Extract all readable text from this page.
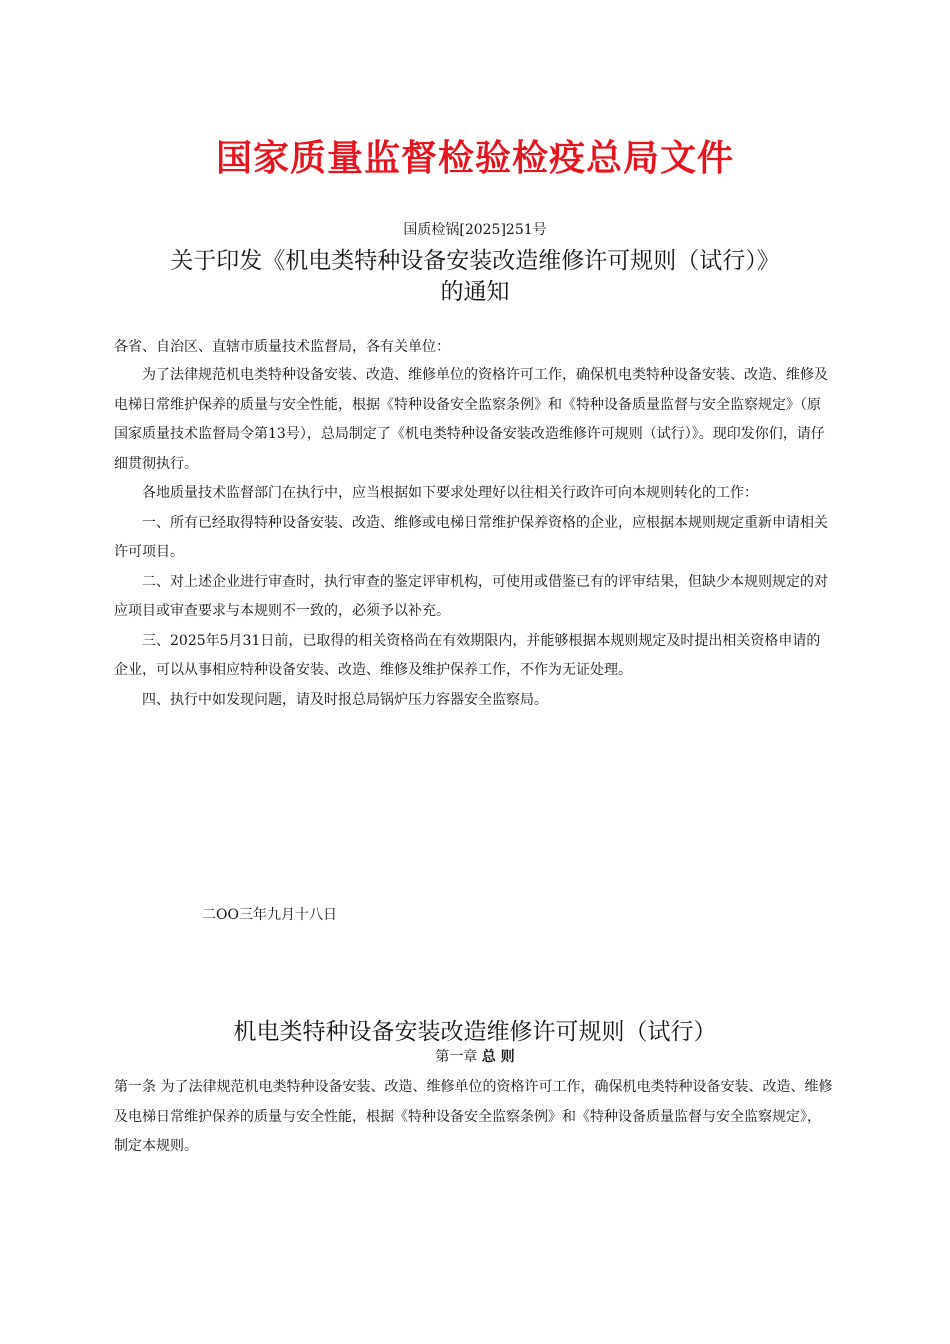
国家质量监督检验检疫总局文件
国质检锅[2025]251号
关于印发《机电类特种设备安装改造维修许可规则（试行）》
的通知
各省、自治区、直辖市质量技术监督局，各有关单位：

为了法律规范机电类特种设备安装、改造、维修单位的资格许可工作，确保机电类特种设备安装、改造、维修及电梯日常维护保养的质量与安全性能，根据《特种设备安全监察条例》和《特种设备质量监督与安全监察规定》（原国家质量技术监督局令第13号），总局制定了《机电类特种设备安装改造维修许可规则（试行）》。现印发你们，请仔细贯彻执行。

各地质量技术监督部门在执行中，应当根据如下要求处理好以往相关行政许可向本规则转化的工作：

一、所有已经取得特种设备安装、改造、维修或电梯日常维护保养资格的企业，应根据本规则规定重新申请相关许可项目。

二、对上述企业进行审查时，执行审查的鉴定评审机构，可使用或借鉴已有的评审结果，但缺少本规则规定的对应项目或审查要求与本规则不一致的，必须予以补充。

三、2025年5月31日前，已取得的相关资格尚在有效期限内，并能够根据本规则规定及时提出相关资格申请的企业，可以从事相应特种设备安装、改造、维修及维护保养工作，不作为无证处理。

四、执行中如发现问题，请及时报总局锅炉压力容器安全监察局。

二OO三年九月十八日
机电类特种设备安装改造维修许可规则（试行）
第一章 总 则
第一条 为了法律规范机电类特种设备安装、改造、维修单位的资格许可工作，确保机电类特种设备安装、改造、维修及电梯日常维护保养的质量与安全性能，根据《特种设备安全监察条例》和《特种设备质量监督与安全监察规定》，制定本规则。
